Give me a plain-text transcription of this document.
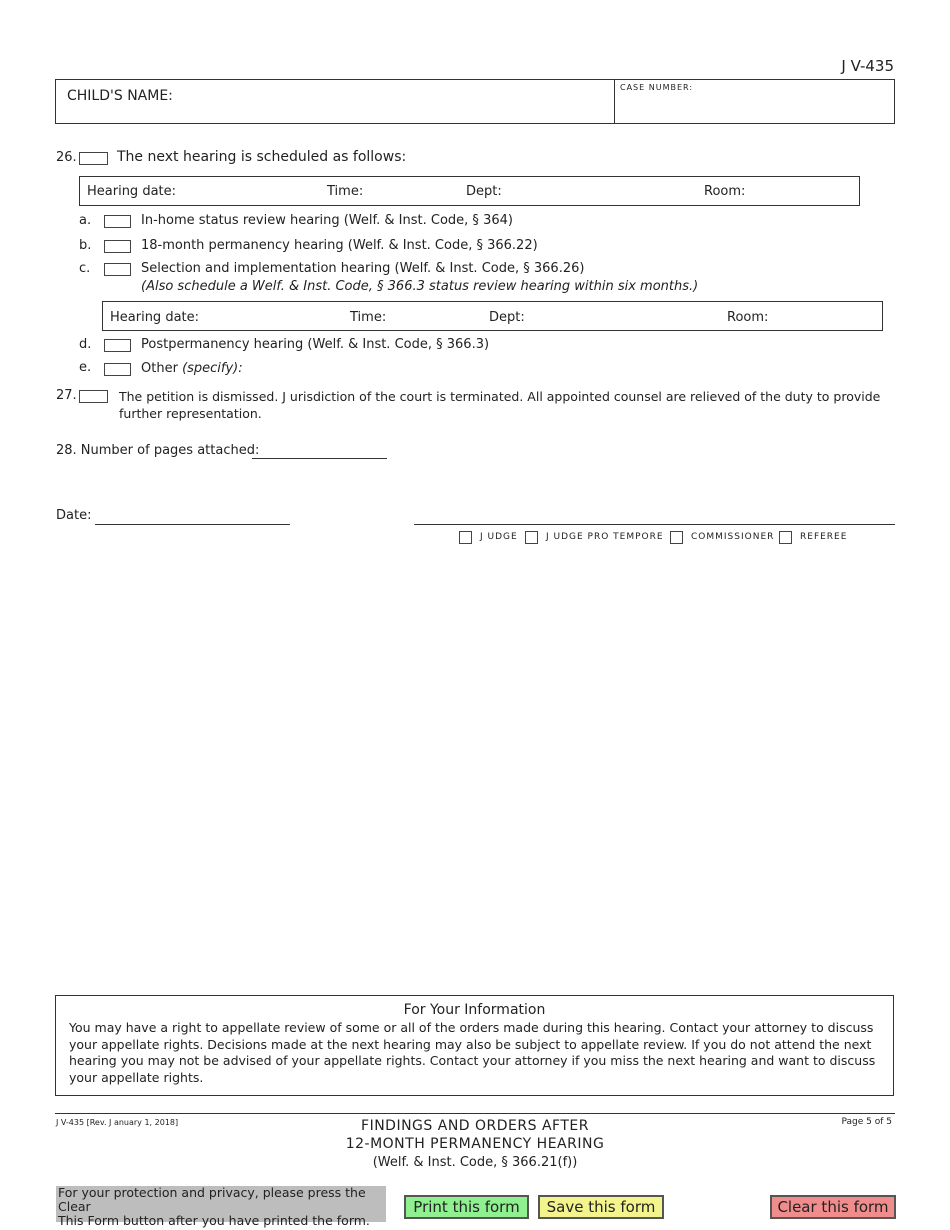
J V-435
CHILD'S NAME:
CASE NUMBER:
26.	The next hearing is scheduled as follows:
Hearing date:	Time:	Dept:	Room:
a.	In-home status review hearing (Welf. & Inst. Code, § 364)
b.	18-month permanency hearing (Welf. & Inst. Code, § 366.22)
c.	Selection and implementation hearing (Welf. & Inst. Code, § 366.26)
(Also schedule a Welf. & Inst. Code, § 366.3 status review hearing within six months.)
Hearing date:	Time:	Dept:	Room:
d.	Postpermanency hearing (Welf. & Inst. Code, § 366.3)
e.	Other (specify):
27.	The petition is dismissed. J urisdiction of the court is terminated. All appointed counsel are relieved of the duty to provide
further representation.
28. Number of pages attached:
Date:
J UDGE	J UDGE PRO TEMPORE	COMMISSIONER	REFEREE
For Your Information
You may have a right to appellate review of some or all of the orders made during this hearing. Contact your attorney to discuss
your appellate rights. Decisions made at the next hearing may also be subject to appellate review. If you do not attend the next
hearing you may not be advised of your appellate rights. Contact your attorney if you miss the next hearing and want to discuss
your appellate rights.
J V-435 [Rev. J anuary 1, 2018]	FINDINGS AND ORDERS AFTER
12-MONTH PERMANENCY HEARING
(Welf. & Inst. Code, § 366.21(f))
Page 5 of 5
For your protection and privacy, please press the Clear
This Form button after you have printed the form.
Print this form	Save this form	Clear this form
